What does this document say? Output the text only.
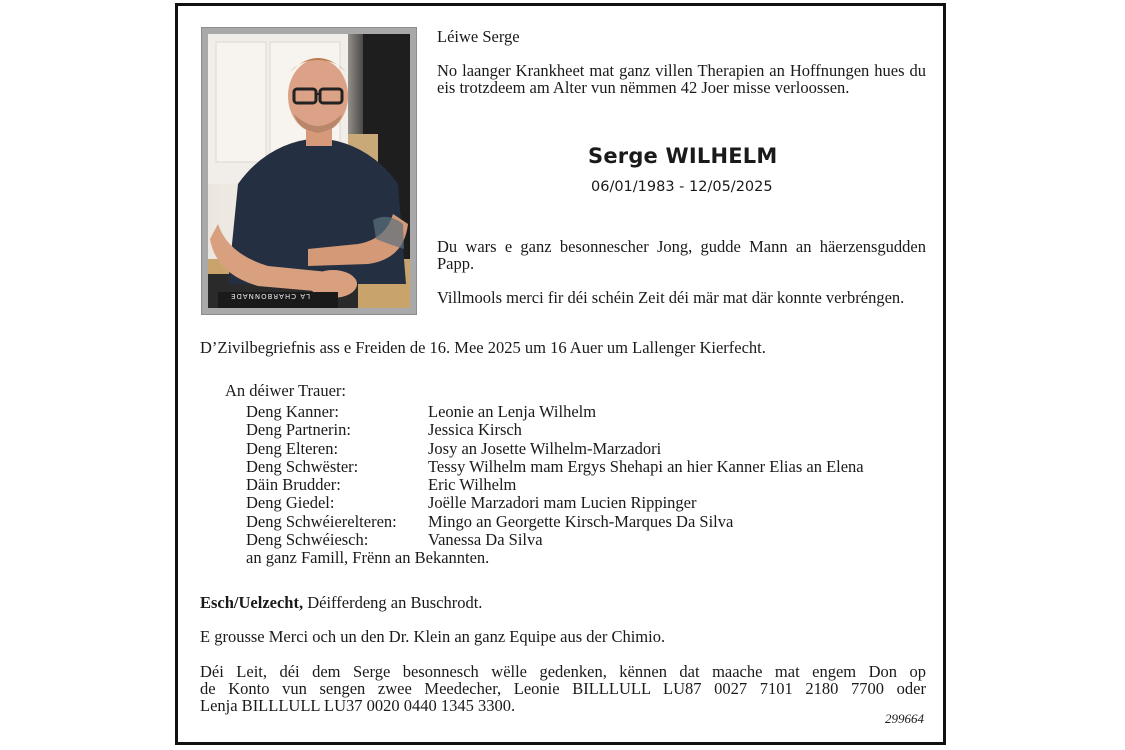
LA CHARBONNADE
Léiwe Serge
No laanger Krankheet mat ganz villen Therapien an Hoffnungen hues du eis trotzdeem am Alter vun nëmmen 42 Joer misse verloossen.
Serge WILHELM
06/01/1983 - 12/05/2025
Du wars e ganz besonnescher Jong, gudde Mann an häerzensgudden Papp.
Villmools merci fir déi schéin Zeit déi mär mat där konnte verbréngen.
D’Zivilbegriefnis ass e Freiden de 16. Mee 2025 um 16 Auer um Lallenger Kierfecht.
An déiwer Trauer:
Deng Kanner:	Leonie an Lenja Wilhelm
Deng Partnerin:	Jessica Kirsch
Deng Elteren:	Josy an Josette Wilhelm-Marzadori
Deng Schwëster:	Tessy Wilhelm mam Ergys Shehapi an hier Kanner Elias an Elena
Däin Brudder:	Eric Wilhelm
Deng Giedel:	Joëlle Marzadori mam Lucien Rippinger
Deng Schwéierelteren:	Mingo an Georgette Kirsch-Marques Da Silva
Deng Schwéiesch:	Vanessa Da Silva
an ganz Famill, Frënn an Bekannten.
Esch/Uelzecht, Déifferdeng an Buschrodt.
E grousse Merci och un den Dr. Klein an ganz Equipe aus der Chimio.
Déi Leit, déi dem Serge besonnesch wëlle gedenken, kënnen dat maache mat engem Don op
de Konto vun sengen zwee Meedecher, Leonie BILLLULL LU87 0027 7101 2180 7700 oder
Lenja BILLLULL LU37 0020 0440 1345 3300.
299664
